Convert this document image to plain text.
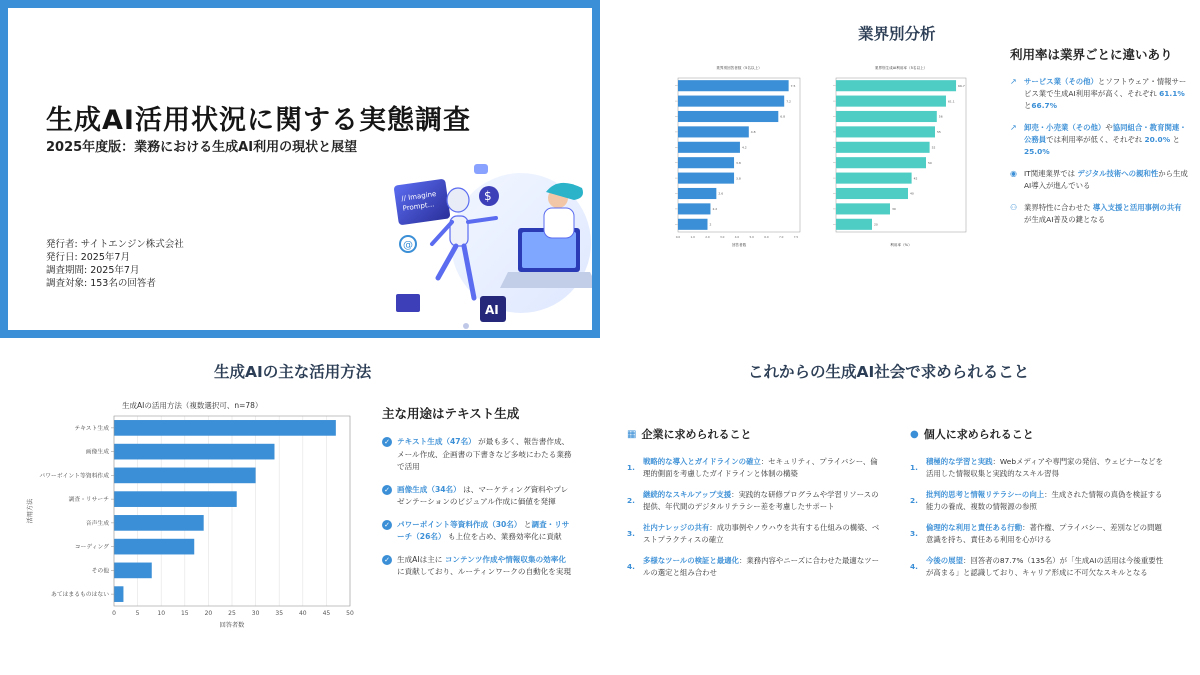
生成AI活用状況に関する実態調査
2025年度版：業務における生成AI利用の現状と展望
発行者: サイトエンジン株式会社
発行日: 2025年7月
調査期間: 2025年7月
調査対象: 153名の回答者
// Imagine
Prompt...
$
@
AI
業界別分析
業界別回答者数（5名以上）
7.5
7.2
6.8
4.8
4.2
3.8
3.8
2.6
2.2
2
回答者数
0.0	1.0	2.0	3.0	4.0	5.0	6.0	7.0	7.5
業界別生成AI利用率（5名以上）
66.7
61.1
56
55
52
50
42
40
30
20
利用率（%）
利用率は業界ごとに違いあり
↗ サービス業（その他）とソフトウェア・情報サービス業で生成AI利用率が高く、それぞれ 61.1% と66.7%
↗ 卸売・小売業（その他）や協同組合・教育関連・公務員では利用率が低く、それぞれ 20.0% と 25.0%
◉ IT関連業界では デジタル技術への親和性から生成AI導入が進んでいる
⚇ 業界特性に合わせた 導入支援と活用事例の共有 が生成AI普及の鍵となる
生成AIの主な活用方法
生成AIの活用方法（複数選択可、n=78）
0	5	10	15	20	25	30	35	40	45	50
テキスト生成
画像生成
パワーポイント等資料作成
調査・リサーチ
音声生成
コーディング
その他
あてはまるものはない
回答者数
活用方法
主な用途はテキスト生成
✓ テキスト生成（47名） が最も多く、報告書作成、メール作成、企画書の下書きなど多岐にわたる業務で活用
✓ 画像生成（34名） は、マーケティング資料やプレゼンテーションのビジュアル作成に価値を発揮
✓ パワーポイント等資料作成（30名） と調査・リサーチ（26名） も上位を占め、業務効率化に貢献
✓ 生成AIは主に コンテンツ作成や情報収集の効率化に貢献しており、ルーティンワークの自動化を実現
これからの生成AI社会で求められること
▦ 企業に求められること
1.
戦略的な導入とガイドラインの確立：セキュリティ、プライバシー、倫理的側面を考慮したガイドラインと体制の構築
2.
継続的なスキルアップ支援：実践的な研修プログラムや学習リソースの提供、年代間のデジタルリテラシー差を考慮したサポート
3.
社内ナレッジの共有：成功事例やノウハウを共有する仕組みの構築、ベストプラクティスの確立
4.
多様なツールの検証と最適化：業務内容やニーズに合わせた最適なツールの選定と組み合わせ
● 個人に求められること
1.
積極的な学習と実践：Webメディアや専門家の発信、ウェビナーなどを活用した情報収集と実践的なスキル習得
2.
批判的思考と情報リテラシーの向上：生成された情報の真偽を検証する能力の養成、複数の情報源の参照
3.
倫理的な利用と責任ある行動：著作権、プライバシー、差別などの問題意識を持ち、責任ある利用を心がける
4.
今後の展望：回答者の87.7%（135名）が「生成AIの活用は今後重要性が高まる」と認識しており、キャリア形成に不可欠なスキルとなる
